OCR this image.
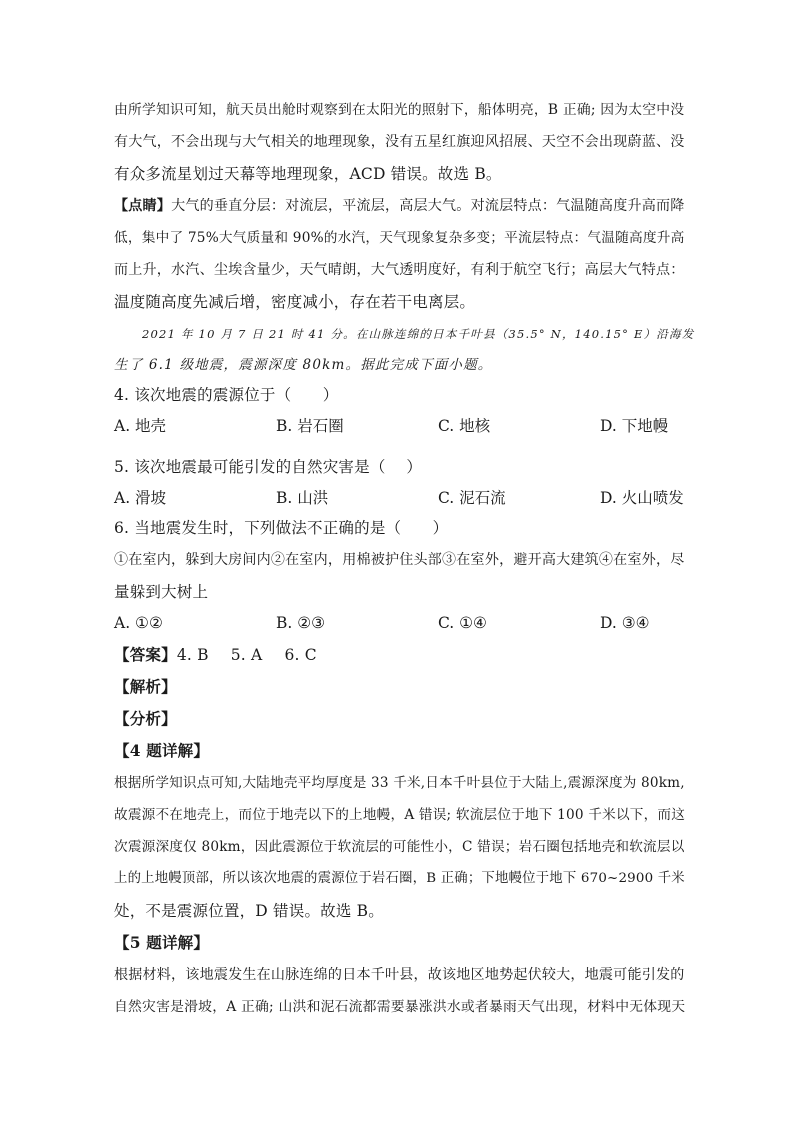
由所学知识可知，航天员出舱时观察到在太阳光的照射下，船体明亮，B 正确; 因为太空中没
有大气，不会出现与大气相关的地理现象，没有五星红旗迎风招展、天空不会出现蔚蓝、没
有众多流星划过天幕等地理现象，ACD 错误。故选 B。
【点睛】大气的垂直分层：对流层，平流层，高层大气。对流层特点：气温随高度升高而降
低，集中了 75%大气质量和 90%的水汽，天气现象复杂多变；平流层特点：气温随高度升高
而上升，水汽、尘埃含量少，天气晴朗，大气透明度好，有利于航空飞行；高层大气特点：
温度随高度先减后增，密度减小，存在若干电离层。
2021 年 10 月 7 日 21 时 41 分。在山脉连绵的日本千叶县（35.5° N，140.15° E）沿海发
生了 6.1 级地震，震源深度 80km。据此完成下面小题。
4. 该次地震的震源位于（　　）
A. 地壳	B. 岩石圈	C. 地核	D. 下地幔
5. 该次地震最可能引发的自然灾害是（　 ）
A. 滑坡	B. 山洪	C. 泥石流	D. 火山喷发
6. 当地震发生时，下列做法不正确的是（　　）
①在室内，躲到大房间内②在室内，用棉被护住头部③在室外，避开高大建筑④在室外，尽
量躲到大树上
A. ①②	B. ②③	C. ①④	D. ③④
【答案】4. B 5. A 6. C
【解析】
【分析】
【4 题详解】
根据所学知识点可知,大陆地壳平均厚度是 33 千米,日本千叶县位于大陆上,震源深度为 80km,
故震源不在地壳上，而位于地壳以下的上地幔，A 错误; 软流层位于地下 100 千米以下，而这
次震源深度仅 80km，因此震源位于软流层的可能性小，C 错误；岩石圈包括地壳和软流层以
上的上地幔顶部，所以该次地震的震源位于岩石圈，B 正确；下地幔位于地下 670~2900 千米
处，不是震源位置，D 错误。故选 B。
【5 题详解】
根据材料，该地震发生在山脉连绵的日本千叶县，故该地区地势起伏较大，地震可能引发的
自然灾害是滑坡，A 正确; 山洪和泥石流都需要暴涨洪水或者暴雨天气出现，材料中无体现天
